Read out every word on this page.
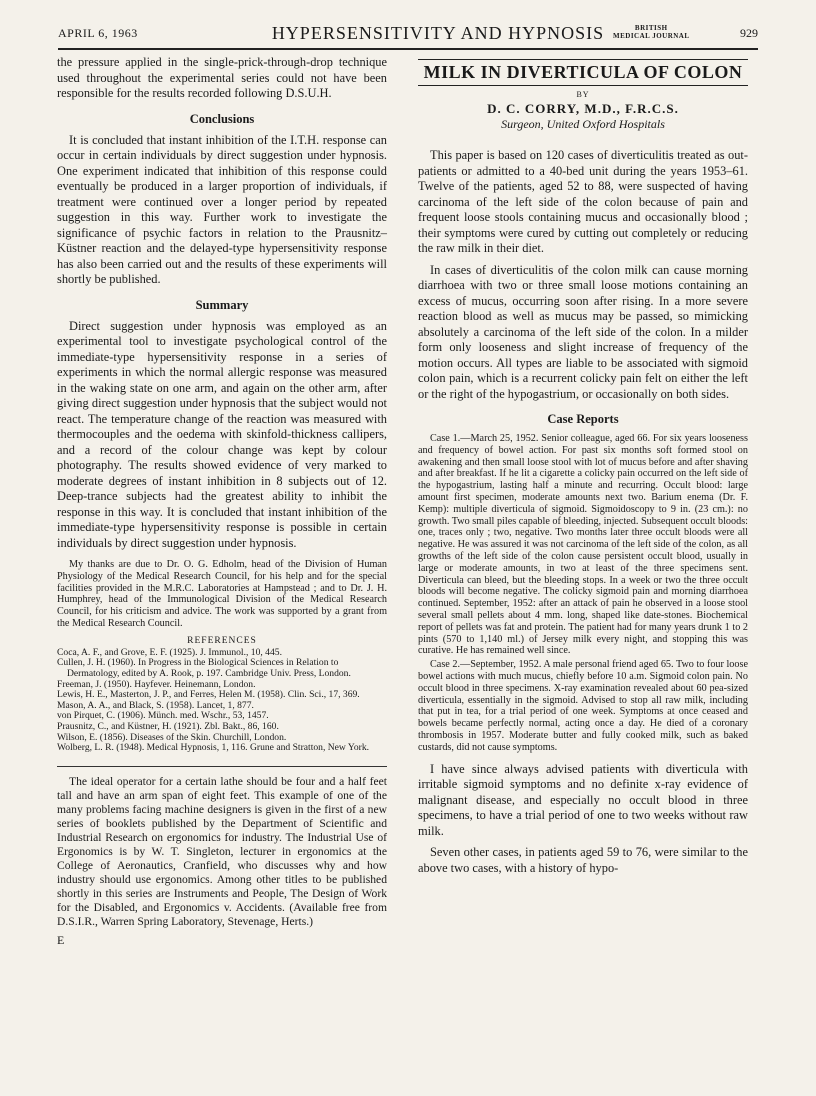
APRIL 6, 1963	HYPERSENSITIVITY AND HYPNOSIS	BRITISH
MEDICAL JOURNAL	929

the pressure applied in the single-prick-through-drop technique used throughout the experimental series could not have been responsible for the results recorded following D.S.U.H.

Conclusions

It is concluded that instant inhibition of the I.T.H. response can occur in certain individuals by direct suggestion under hypnosis. One experiment indicated that inhibition of this response could eventually be produced in a larger proportion of individuals, if treatment were continued over a longer period by repeated suggestion in this way. Further work to investigate the significance of psychic factors in relation to the Prausnitz–Küstner reaction and the delayed-type hypersensitivity response has also been carried out and the results of these experiments will shortly be published.

Summary

Direct suggestion under hypnosis was employed as an experimental tool to investigate psychological control of the immediate-type hypersensitivity response in a series of experiments in which the normal allergic response was measured in the waking state on one arm, and again on the other arm, after giving direct suggestion under hypnosis that the subject would not react. The temperature change of the reaction was measured with thermocouples and the oedema with skinfold-thickness callipers, and a record of the colour change was kept by colour photography. The results showed evidence of very marked to moderate degrees of instant inhibition in 8 subjects out of 12. Deep-trance subjects had the greatest ability to inhibit the response in this way. It is concluded that instant inhibition of the immediate-type hypersensitivity response is possible in certain individuals by direct suggestion under hypnosis.

My thanks are due to Dr. O. G. Edholm, head of the Division of Human Physiology of the Medical Research Council, for his help and for the special facilities provided in the M.R.C. Laboratories at Hampstead ; and to Dr. J. H. Humphrey, head of the Immunological Division of the Medical Research Council, for his criticism and advice. The work was supported by a grant from the Medical Research Council.

REFERENCES
Coca, A. F., and Grove, E. F. (1925). J. Immunol., 10, 445.
Cullen, J. H. (1960). In Progress in the Biological Sciences in Relation to Dermatology, edited by A. Rook, p. 197. Cambridge Univ. Press, London.
Freeman, J. (1950). Hayfever. Heinemann, London.
Lewis, H. E., Masterton, J. P., and Ferres, Helen M. (1958). Clin. Sci., 17, 369.
Mason, A. A., and Black, S. (1958). Lancet, 1, 877.
von Pirquet, C. (1906). Münch. med. Wschr., 53, 1457.
Prausnitz, C., and Küstner, H. (1921). Zbl. Bakt., 86, 160.
Wilson, E. (1856). Diseases of the Skin. Churchill, London.
Wolberg, L. R. (1948). Medical Hypnosis, 1, 116. Grune and Stratton, New York.

The ideal operator for a certain lathe should be four and a half feet tall and have an arm span of eight feet. This example of one of the many problems facing machine designers is given in the first of a new series of booklets published by the Department of Scientific and Industrial Research on ergonomics for industry. The Industrial Use of Ergonomics is by W. T. Singleton, lecturer in ergonomics at the College of Aeronautics, Cranfield, who discusses why and how industry should use ergonomics. Among other titles to be published shortly in this series are Instruments and People, The Design of Work for the Disabled, and Ergonomics v. Accidents. (Available free from D.S.I.R., Warren Spring Laboratory, Stevenage, Herts.)

E
MILK IN DIVERTICULA OF COLON
BY
D. C. CORRY, M.D., F.R.C.S.
Surgeon, United Oxford Hospitals

This paper is based on 120 cases of diverticulitis treated as out-patients or admitted to a 40-bed unit during the years 1953–61. Twelve of the patients, aged 52 to 88, were suspected of having carcinoma of the left side of the colon because of pain and frequent loose stools containing mucus and occasionally blood ; their symptoms were cured by cutting out completely or reducing the raw milk in their diet.

In cases of diverticulitis of the colon milk can cause morning diarrhoea with two or three small loose motions containing an excess of mucus, occurring soon after rising. In a more severe reaction blood as well as mucus may be passed, so mimicking absolutely a carcinoma of the left side of the colon. In a milder form only looseness and slight increase of frequency of the motion occurs. All types are liable to be associated with sigmoid colon pain, which is a recurrent colicky pain felt on either the left or the right of the hypogastrium, or occasionally on both sides.

Case Reports

Case 1.—March 25, 1952. Senior colleague, aged 66. For six years looseness and frequency of bowel action. For past six months soft formed stool on awakening and then small loose stool with lot of mucus before and after shaving and after breakfast. If he lit a cigarette a colicky pain occurred on the left side of the hypogastrium, lasting half a minute and recurring. Occult blood: large amount first specimen, moderate amounts next two. Barium enema (Dr. F. Kemp): multiple diverticula of sigmoid. Sigmoidoscopy to 9 in. (23 cm.): no growth. Two small piles capable of bleeding, injected. Subsequent occult bloods: one, traces only ; two, negative. Two months later three occult bloods were all negative. He was assured it was not carcinoma of the left side of the colon, as all growths of the left side of the colon cause persistent occult blood, usually in large or moderate amounts, in two at least of the three specimens sent. Diverticula can bleed, but the bleeding stops. In a week or two the three occult bloods will become negative. The colicky sigmoid pain and morning diarrhoea continued. September, 1952: after an attack of pain he observed in a loose stool several small pellets about 4 mm. long, shaped like date-stones. Biochemical report of pellets was fat and protein. The patient had for many years drunk 1 to 2 pints (570 to 1,140 ml.) of Jersey milk every night, and stopping this was curative. He has remained well since.

Case 2.—September, 1952. A male personal friend aged 65. Two to four loose bowel actions with much mucus, chiefly before 10 a.m. Sigmoid colon pain. No occult blood in three specimens. X-ray examination revealed about 60 pea-sized diverticula, essentially in the sigmoid. Advised to stop all raw milk, including that put in tea, for a trial period of one week. Symptoms at once ceased and bowels became perfectly normal, acting once a day. He died of a coronary thrombosis in 1957. Moderate butter and fully cooked milk, such as baked custards, did not cause symptoms.

I have since always advised patients with diverticula with irritable sigmoid symptoms and no definite x-ray evidence of malignant disease, and especially no occult blood in three specimens, to have a trial period of one to two weeks without raw milk.

Seven other cases, in patients aged 59 to 76, were similar to the above two cases, with a history of hypo-
